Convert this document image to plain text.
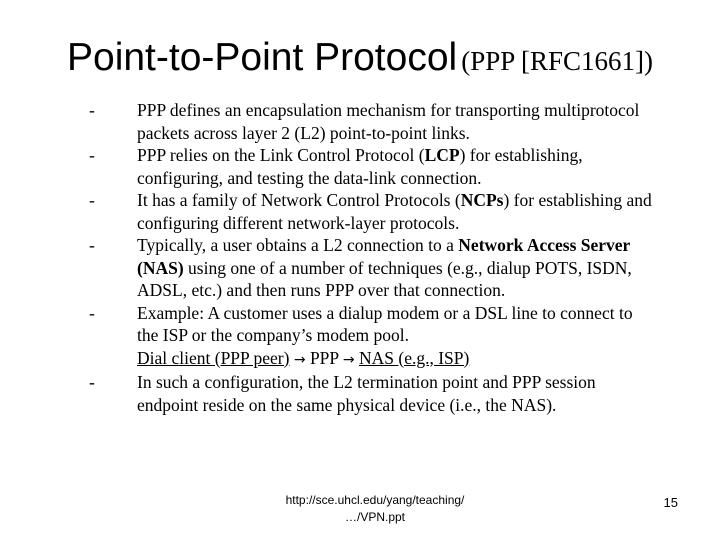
Point-to-Point Protocol (PPP [RFC1661])
- PPP defines an encapsulation mechanism for transporting multiprotocol packets across layer 2 (L2) point-to-point links.
- PPP relies on the Link Control Protocol (LCP) for establishing, configuring, and testing the data-link connection.
- It has a family of Network Control Protocols (NCPs) for establishing and configuring different network-layer protocols.
- Typically, a user obtains a L2 connection to a Network Access Server (NAS) using one of a number of techniques (e.g., dialup POTS, ISDN, ADSL, etc.) and then runs PPP over that connection.
- Example: A customer uses a dialup modem or a DSL line to connect to the ISP or the company’s modem pool.
Dial client (PPP peer) → PPP → NAS (e.g., ISP)
- In such a configuration, the L2 termination point and PPP session endpoint reside on the same physical device (i.e., the NAS).
http://sce.uhcl.edu/yang/teaching/
…/VPN.ppt
15
